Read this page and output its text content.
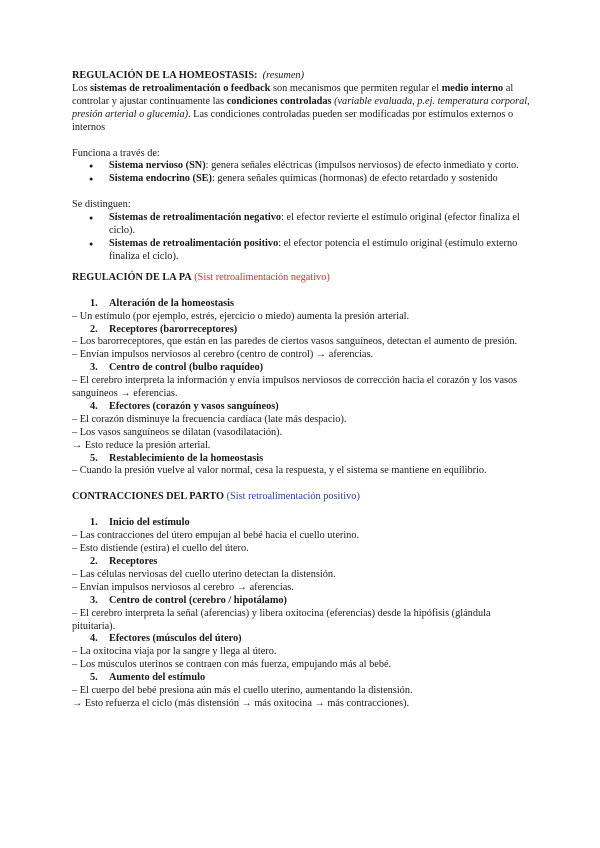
REGULACIÓN DE LA HOMEOSTASIS: (resumen)

Los sistemas de retroalimentación o feedback son mecanismos que permiten regular el medio interno al controlar y ajustar continuamente las condiciones controladas (variable evaluada, p.ej. temperatura corporal, presión arterial o glucemia). Las condiciones controladas pueden ser modificadas por estímulos externos o internos

Funciona a través de:

● Sistema nervioso (SN): genera señales eléctricas (impulsos nerviosos) de efecto inmediato y corto.
● Sistema endocrino (SE): genera señales químicas (hormonas) de efecto retardado y sostenido

Se distinguen:

● Sistemas de retroalimentación negativo: el efector revierte el estímulo original (efector finaliza el ciclo).
● Sistemas de retroalimentación positivo: el efector potencia el estímulo original (estímulo externo finaliza el ciclo).

REGULACIÓN DE LA PA (Sist retroalimentación negativo)

1. Alteración de la homeostasis

– Un estímulo (por ejemplo, estrés, ejercicio o miedo) aumenta la presión arterial.

2. Receptores (barorreceptores)

– Los barorreceptores, que están en las paredes de ciertos vasos sanguíneos, detectan el aumento de presión.

– Envían impulsos nerviosos al cerebro (centro de control) → aferencias.

3. Centro de control (bulbo raquídeo)

– El cerebro interpreta la información y envía impulsos nerviosos de corrección hacia el corazón y los vasos sanguíneos → eferencias.

4. Efectores (corazón y vasos sanguíneos)

– El corazón disminuye la frecuencia cardíaca (late más despacio).

– Los vasos sanguíneos se dilatan (vasodilatación).

→ Esto reduce la presión arterial.

5. Restablecimiento de la homeostasis

– Cuando la presión vuelve al valor normal, cesa la respuesta, y el sistema se mantiene en equilibrio.

CONTRACCIONES DEL PARTO (Sist retroalimentación positivo)

1. Inicio del estímulo

– Las contracciones del útero empujan al bebé hacia el cuello uterino.

– Esto distiende (estira) el cuello del útero.

2. Receptores

– Las células nerviosas del cuello uterino detectan la distensión.

– Envían impulsos nerviosos al cerebro → aferencias.

3. Centro de control (cerebro / hipotálamo)

– El cerebro interpreta la señal (aferencias) y libera oxitocina (eferencias) desde la hipófisis (glándula pituitaria).

4. Efectores (músculos del útero)

– La oxitocina viaja por la sangre y llega al útero.

– Los músculos uterinos se contraen con más fuerza, empujando más al bebé.

5. Aumento del estímulo

– El cuerpo del bebé presiona aún más el cuello uterino, aumentando la distensión.

→ Esto refuerza el ciclo (más distensión → más oxitocina → más contracciones).
